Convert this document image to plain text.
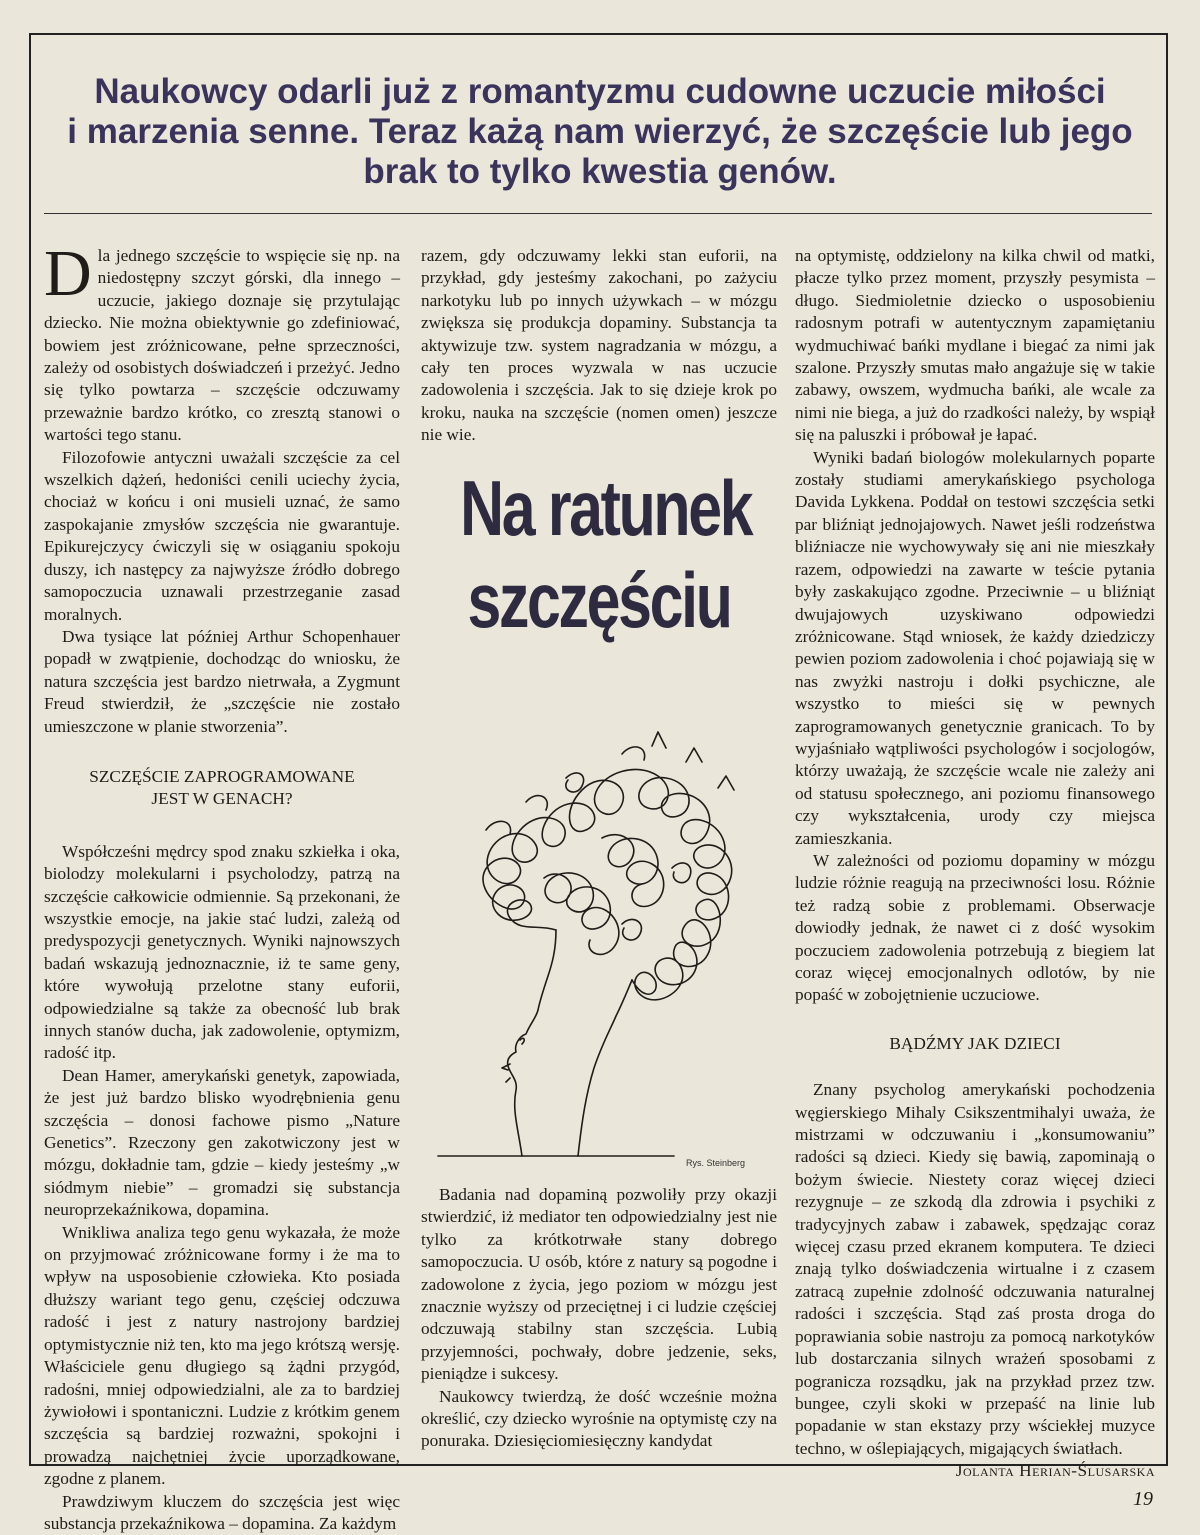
Naukowcy odarli już z romantyzmu cudowne uczucie miłości
i marzenia senne. Teraz każą nam wierzyć, że szczęście lub jego
brak to tylko kwestia genów.

Dla jednego szczęście to wspięcie się np. na niedostępny szczyt górski, dla innego – uczucie, jakiego doznaje się przytulając dziecko. Nie można obiektywnie go zdefiniować, bowiem jest zróżnicowane, pełne sprzeczności, zależy od osobistych doświadczeń i przeżyć. Jedno się tylko powtarza – szczęście odczuwamy przeważnie bardzo krótko, co zresztą stanowi o wartości tego stanu.

Filozofowie antyczni uważali szczęście za cel wszelkich dążeń, hedoniści cenili uciechy życia, chociaż w końcu i oni musieli uznać, że samo zaspokajanie zmysłów szczęścia nie gwarantuje. Epikurejczycy ćwiczyli się w osiąganiu spokoju duszy, ich następcy za najwyższe źródło dobrego samopoczucia uznawali przestrzeganie zasad moralnych.

Dwa tysiące lat później Arthur Schopenhauer popadł w zwątpienie, dochodząc do wniosku, że natura szczęścia jest bardzo nietrwała, a Zygmunt Freud stwierdził, że „szczęście nie zostało umieszczone w planie stworzenia”.

SZCZĘŚCIE ZAPROGRAMOWANE
JEST W GENACH?

Współcześni mędrcy spod znaku szkiełka i oka, biolodzy molekularni i psycholodzy, patrzą na szczęście całkowicie odmiennie. Są przekonani, że wszystkie emocje, na jakie stać ludzi, zależą od predyspozycji genetycznych. Wyniki najnowszych badań wskazują jednoznacznie, iż te same geny, które wywołują przelotne stany euforii, odpowiedzialne są także za obecność lub brak innych stanów ducha, jak zadowolenie, optymizm, radość itp.

Dean Hamer, amerykański genetyk, zapowiada, że jest już bardzo blisko wyodrębnienia genu szczęścia – donosi fachowe pismo „Nature Genetics”. Rzeczony gen zakotwiczony jest w mózgu, dokładnie tam, gdzie – kiedy jesteśmy „w siódmym niebie” – gromadzi się substancja neuroprzekaźnikowa, dopamina.

Wnikliwa analiza tego genu wykazała, że może on przyjmować zróżnicowane formy i że ma to wpływ na usposobienie człowieka. Kto posiada dłuższy wariant tego genu, częściej odczuwa radość i jest z natury nastrojony bardziej optymistycznie niż ten, kto ma jego krótszą wersję. Właściciele genu długiego są żądni przygód, radośni, mniej odpowiedzialni, ale za to bardziej żywiołowi i spontaniczni. Ludzie z krótkim genem szczęścia są bardziej rozważni, spokojni i prowadzą najchętniej życie uporządkowane, zgodne z planem.

Prawdziwym kluczem do szczęścia jest więc substancja przekaźnikowa – dopamina. Za każdym

razem, gdy odczuwamy lekki stan euforii, na przykład, gdy jesteśmy zakochani, po zażyciu narkotyku lub po innych używkach – w mózgu zwiększa się produkcja dopaminy. Substancja ta aktywizuje tzw. system nagradzania w mózgu, a cały ten proces wyzwala w nas uczucie zadowolenia i szczęścia. Jak to się dzieje krok po kroku, nauka na szczęście (nomen omen) jeszcze nie wie.

Na ratunek
szczęściu
Rys. Steinberg

Badania nad dopaminą pozwoliły przy okazji stwierdzić, iż mediator ten odpowiedzialny jest nie tylko za krótkotrwałe stany dobrego samopoczucia. U osób, które z natury są pogodne i zadowolone z życia, jego poziom w mózgu jest znacznie wyższy od przeciętnej i ci ludzie częściej odczuwają stabilny stan szczęścia. Lubią przyjemności, pochwały, dobre jedzenie, seks, pieniądze i sukcesy.

Naukowcy twierdzą, że dość wcześnie można określić, czy dziecko wyrośnie na optymistę czy na ponuraka. Dziesięciomiesięczny kandydat

na optymistę, oddzielony na kilka chwil od matki, płacze tylko przez moment, przyszły pesymista – długo. Siedmioletnie dziecko o usposobieniu radosnym potrafi w autentycznym zapamiętaniu wydmuchiwać bańki mydlane i biegać za nimi jak szalone. Przyszły smutas mało angażuje się w takie zabawy, owszem, wydmucha bańki, ale wcale za nimi nie biega, a już do rzadkości należy, by wspiął się na paluszki i próbował je łapać.

Wyniki badań biologów molekularnych poparte zostały studiami amerykańskiego psychologa Davida Lykkena. Poddał on testowi szczęścia setki par bliźniąt jednojajowych. Nawet jeśli rodzeństwa bliźniacze nie wychowywały się ani nie mieszkały razem, odpowiedzi na zawarte w teście pytania były zaskakująco zgodne. Przeciwnie – u bliźniąt dwujajowych uzyskiwano odpowiedzi zróżnicowane. Stąd wniosek, że każdy dziedziczy pewien poziom zadowolenia i choć pojawiają się w nas zwyżki nastroju i dołki psychiczne, ale wszystko to mieści się w pewnych zaprogramowanych genetycznie granicach. To by wyjaśniało wątpliwości psychologów i socjologów, którzy uważają, że szczęście wcale nie zależy ani od statusu społecznego, ani poziomu finansowego czy wykształcenia, urody czy miejsca zamieszkania.

W zależności od poziomu dopaminy w mózgu ludzie różnie reagują na przeciwności losu. Różnie też radzą sobie z problemami. Obserwacje dowiodły jednak, że nawet ci z dość wysokim poczuciem zadowolenia potrzebują z biegiem lat coraz więcej emocjonalnych odlotów, by nie popaść w zobojętnienie uczuciowe.

BĄDŹMY JAK DZIECI

Znany psycholog amerykański pochodzenia węgierskiego Mihaly Csikszentmihalyi uważa, że mistrzami w odczuwaniu i „konsumowaniu” radości są dzieci. Kiedy się bawią, zapominają o bożym świecie. Niestety coraz więcej dzieci rezygnuje – ze szkodą dla zdrowia i psychiki z tradycyjnych zabaw i zabawek, spędzając coraz więcej czasu przed ekranem komputera. Te dzieci znają tylko doświadczenia wirtualne i z czasem zatracą zupełnie zdolność odczuwania naturalnej radości i szczęścia. Stąd zaś prosta droga do poprawiania sobie nastroju za pomocą narkotyków lub dostarczania silnych wrażeń sposobami z pogranicza rozsądku, jak na przykład przez tzw. bungee, czyli skoki w przepaść na linie lub popadanie w stan ekstazy przy wściekłej muzyce techno, w oślepiających, migających światłach.

Jolanta Herian-Ślusarska

19
